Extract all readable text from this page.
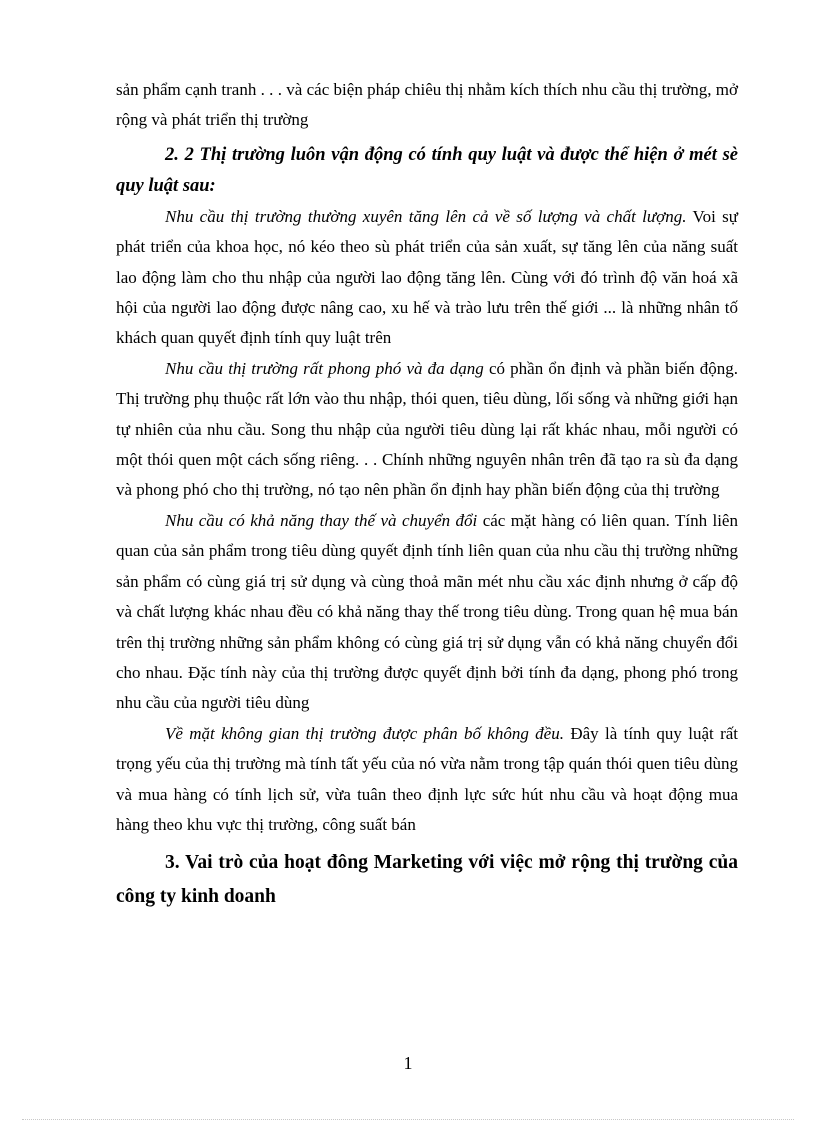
sản phẩm cạnh tranh . . . và các biện pháp chiêu thị nhằm kích thích nhu cầu thị trường, mở rộng và phát triển thị trường

2. 2 Thị trường luôn vận động có tính quy luật và được thể hiện ở mét sè quy luật sau:

Nhu cầu thị trường thường xuyên tăng lên cả về số lượng và chất lượng. Voi sự phát triển của khoa học, nó kéo theo sù phát triển của sản xuất, sự tăng lên của năng suất lao động làm cho thu nhập của người lao động tăng lên. Cùng với đó trình độ văn hoá xã hội của người lao động được nâng cao, xu hế và trào lưu trên thế giới ... là những nhân tố khách quan quyết định tính quy luật trên

Nhu cầu thị trường rất phong phó và đa dạng có phần ổn định và phần biến động. Thị trường phụ thuộc rất lớn vào thu nhập, thói quen, tiêu dùng, lối sống và những giới hạn tự nhiên của nhu cầu. Song thu nhập của người tiêu dùng lại rất khác nhau, mỗi người có một thói quen một cách sống riêng. . . Chính những nguyên nhân trên đã tạo ra sù đa dạng và phong phó cho thị trường, nó tạo nên phần ổn định hay phần biến động của thị trường

Nhu cầu có khả năng thay thế và chuyển đổi các mặt hàng có liên quan. Tính liên quan của sản phẩm trong tiêu dùng quyết định tính liên quan của nhu cầu thị trường những sản phẩm có cùng giá trị sử dụng và cùng thoả mãn mét nhu cầu xác định nhưng ở cấp độ và chất lượng khác nhau đều có khả năng thay thế trong tiêu dùng. Trong quan hệ mua bán trên thị trường những sản phẩm không có cùng giá trị sử dụng vẫn có khả năng chuyển đổi cho nhau. Đặc tính này của thị trường được quyết định bởi tính đa dạng, phong phó trong nhu cầu của người tiêu dùng

Về mặt không gian thị trường được phân bố không đều. Đây là tính quy luật rất trọng yếu của thị trường mà tính tất yếu của nó vừa nằm trong tập quán thói quen tiêu dùng và mua hàng có tính lịch sử, vừa tuân theo định lực sức hút nhu cầu và hoạt động mua hàng theo khu vực thị trường, công suất bán

3. Vai trò của hoạt đông Marketing với việc mở rộng thị trường của công ty kinh doanh

1
